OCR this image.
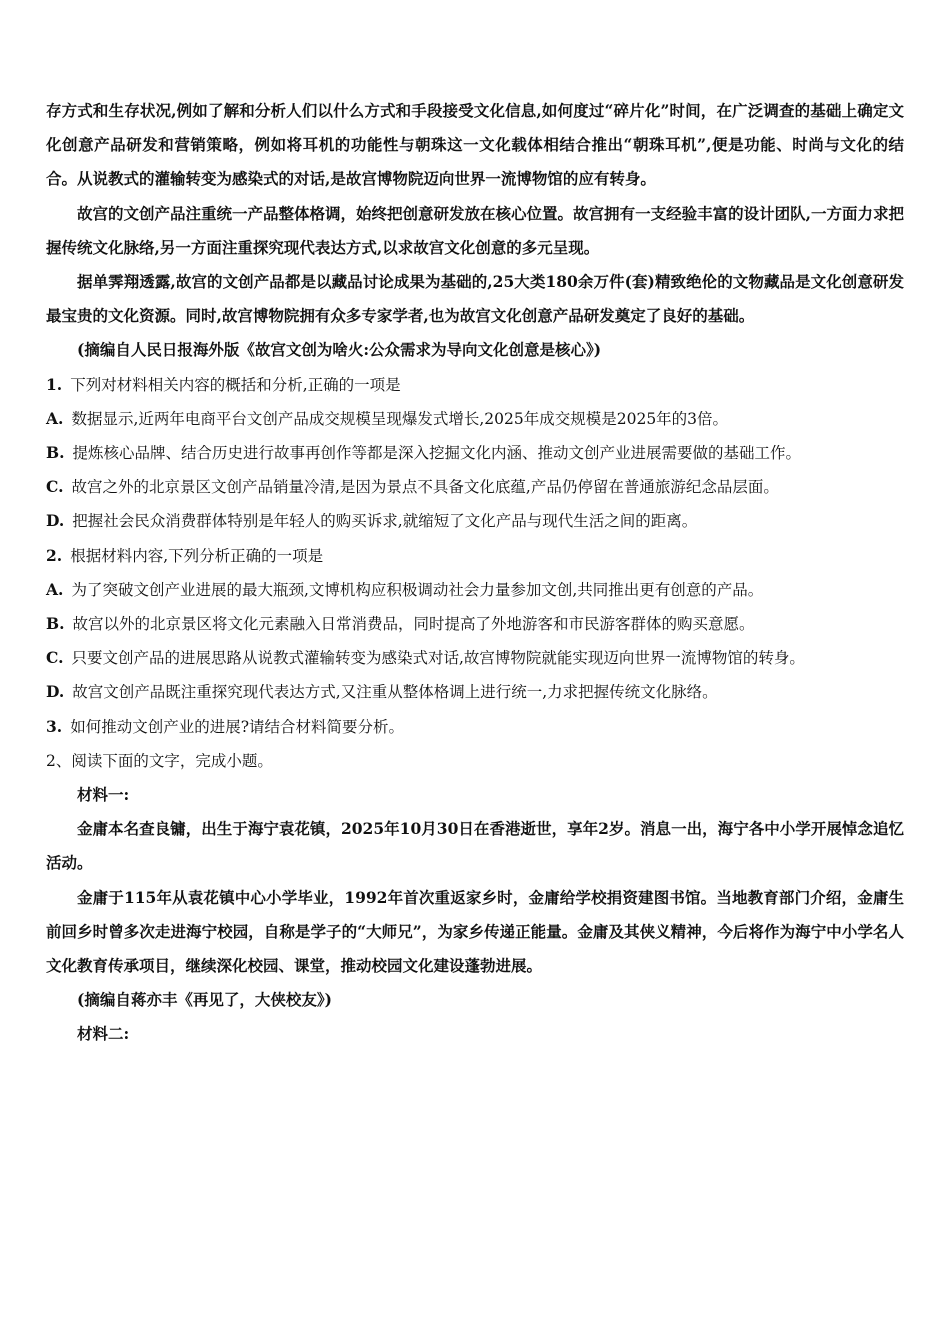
存方式和生存状况,例如了解和分析人们以什么方式和手段接受文化信息,如何度过“碎片化”时间，在广泛调查的基础上确定文化创意产品研发和营销策略，例如将耳机的功能性与朝珠这一文化载体相结合推出“朝珠耳机”,便是功能、时尚与文化的结合。从说教式的灌输转变为感染式的对话,是故宫博物院迈向世界一流博物馆的应有转身。

故宫的文创产品注重统一产品整体格调，始终把创意研发放在核心位置。故宫拥有一支经验丰富的设计团队,一方面力求把握传统文化脉络,另一方面注重探究现代表达方式,以求故宫文化创意的多元呈现。

据单霁翔透露,故宫的文创产品都是以藏品讨论成果为基础的,25大类180余万件(套)精致绝伦的文物藏品是文化创意研发最宝贵的文化资源。同时,故宫博物院拥有众多专家学者,也为故宫文化创意产品研发奠定了良好的基础。

(摘编自人民日报海外版《故宫文创为啥火:公众需求为导向文化创意是核心》)

1. 下列对材料相关内容的概括和分析,正确的一项是

A. 数据显示,近两年电商平台文创产品成交规模呈现爆发式增长,2025年成交规模是2025年的3倍。

B. 提炼核心品牌、结合历史进行故事再创作等都是深入挖掘文化内涵、推动文创产业进展需要做的基础工作。

C. 故宫之外的北京景区文创产品销量冷清,是因为景点不具备文化底蕴,产品仍停留在普通旅游纪念品层面。

D. 把握社会民众消费群体特别是年轻人的购买诉求,就缩短了文化产品与现代生活之间的距离。

2. 根据材料内容,下列分析正确的一项是

A. 为了突破文创产业进展的最大瓶颈,文博机构应积极调动社会力量参加文创,共同推出更有创意的产品。

B. 故宫以外的北京景区将文化元素融入日常消费品，同时提高了外地游客和市民游客群体的购买意愿。

C. 只要文创产品的进展思路从说教式灌输转变为感染式对话,故宫博物院就能实现迈向世界一流博物馆的转身。

D. 故宫文创产品既注重探究现代表达方式,又注重从整体格调上进行统一,力求把握传统文化脉络。

3. 如何推动文创产业的进展?请结合材料简要分析。

2、阅读下面的文字，完成小题。

材料一:

金庸本名查良镛，出生于海宁袁花镇，2025年10月30日在香港逝世，享年2岁。消息一出，海宁各中小学开展悼念追忆活动。

金庸于115年从袁花镇中心小学毕业，1992年首次重返家乡时，金庸给学校捐资建图书馆。当地教育部门介绍，金庸生前回乡时曾多次走进海宁校园，自称是学子的“大师兄”，为家乡传递正能量。金庸及其侠义精神，今后将作为海宁中小学名人文化教育传承项目，继续深化校园、课堂，推动校园文化建设蓬勃进展。

(摘编自蒋亦丰《再见了，大侠校友》)

材料二:
